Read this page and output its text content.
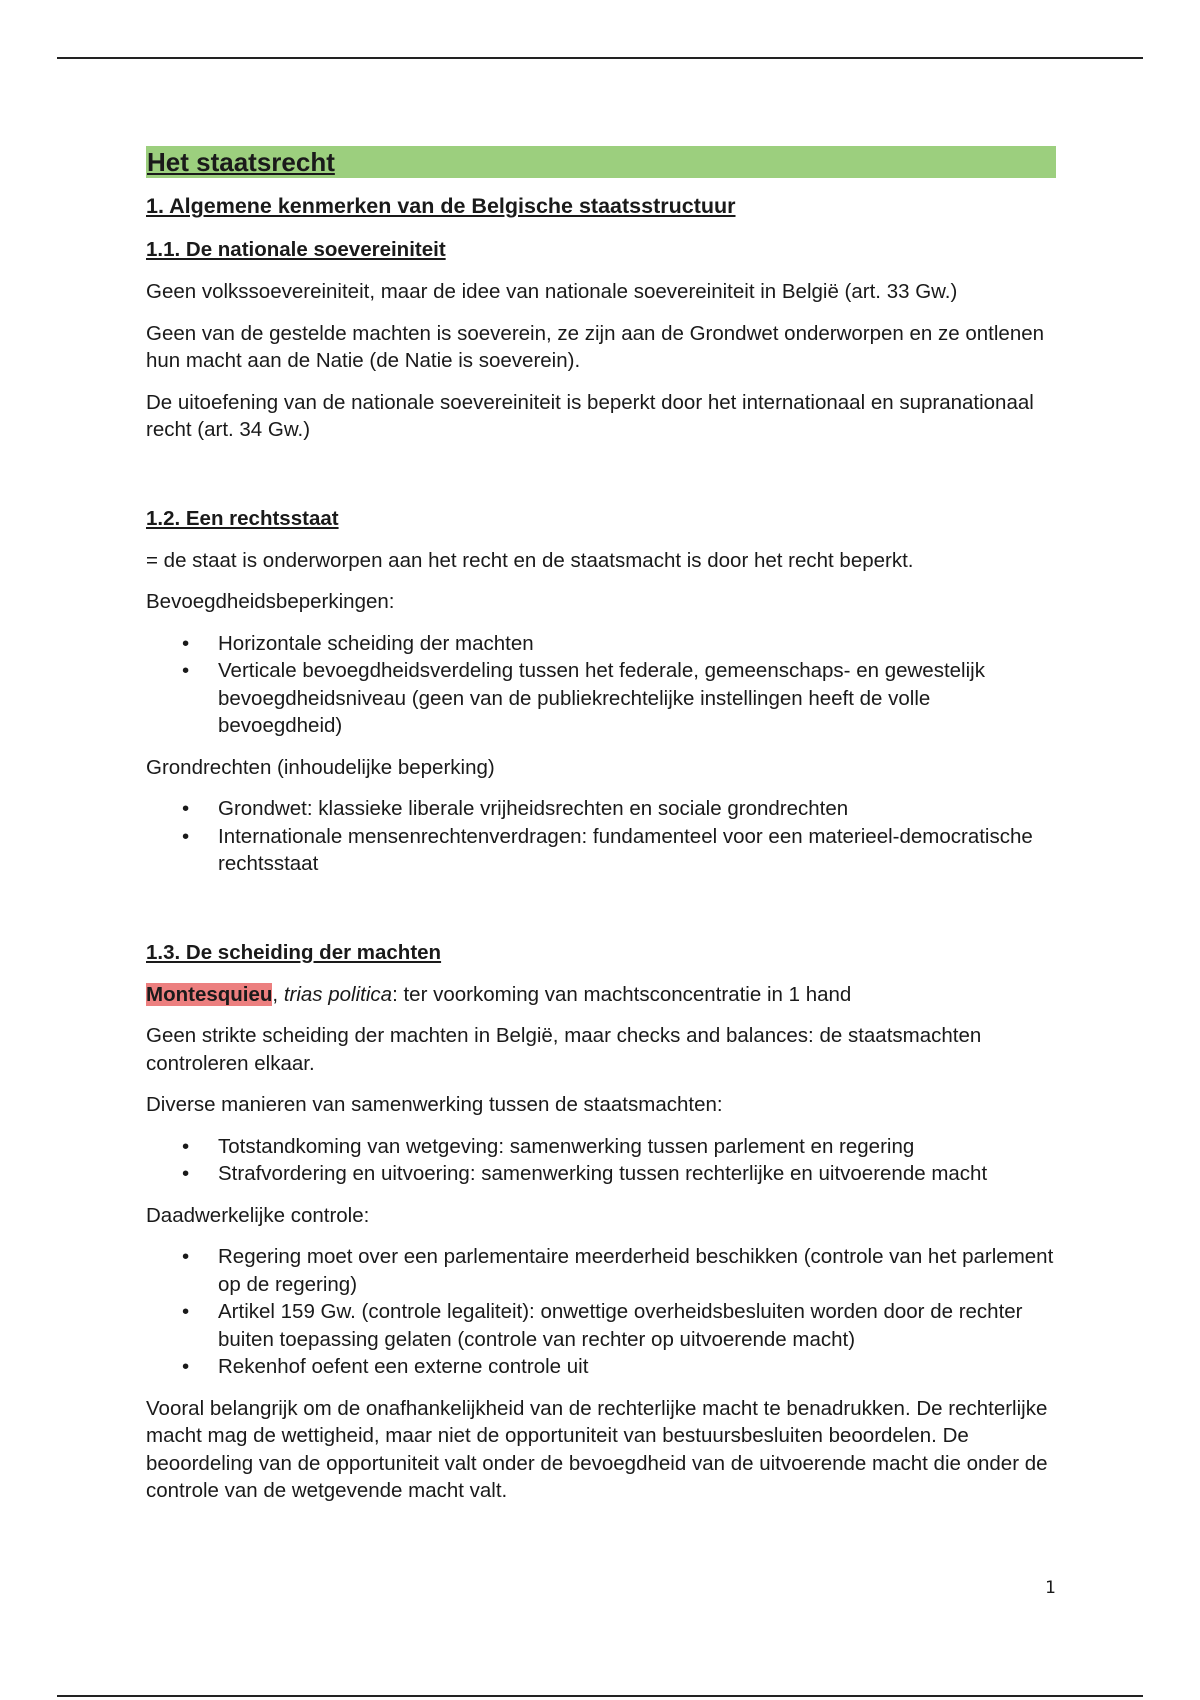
Het staatsrecht
1. Algemene kenmerken van de Belgische staatsstructuur
1.1. De nationale soevereiniteit

Geen volkssoevereiniteit, maar de idee van nationale soevereiniteit in België (art. 33 Gw.)

Geen van de gestelde machten is soeverein, ze zijn aan de Grondwet onderworpen en ze ontlenen hun macht aan de Natie (de Natie is soeverein).

De uitoefening van de nationale soevereiniteit is beperkt door het internationaal en supranationaal recht (art. 34 Gw.)

1.2. Een rechtsstaat

= de staat is onderworpen aan het recht en de staatsmacht is door het recht beperkt.

Bevoegdheidsbeperkingen:

• Horizontale scheiding der machten
• Verticale bevoegdheidsverdeling tussen het federale, gemeenschaps- en gewestelijk bevoegdheidsniveau (geen van de publiekrechtelijke instellingen heeft de volle bevoegdheid)

Grondrechten (inhoudelijke beperking)

• Grondwet: klassieke liberale vrijheidsrechten en sociale grondrechten
• Internationale mensenrechtenverdragen: fundamenteel voor een materieel-democratische rechtsstaat
1.3. De scheiding der machten

Montesquieu, trias politica: ter voorkoming van machtsconcentratie in 1 hand

Geen strikte scheiding der machten in België, maar checks and balances: de staatsmachten controleren elkaar.

Diverse manieren van samenwerking tussen de staatsmachten:

• Totstandkoming van wetgeving: samenwerking tussen parlement en regering
• Strafvordering en uitvoering: samenwerking tussen rechterlijke en uitvoerende macht

Daadwerkelijke controle:

• Regering moet over een parlementaire meerderheid beschikken (controle van het parlement op de regering)
• Artikel 159 Gw. (controle legaliteit): onwettige overheidsbesluiten worden door de rechter buiten toepassing gelaten (controle van rechter op uitvoerende macht)
• Rekenhof oefent een externe controle uit

Vooral belangrijk om de onafhankelijkheid van de rechterlijke macht te benadrukken. De rechterlijke macht mag de wettigheid, maar niet de opportuniteit van bestuursbesluiten beoordelen. De beoordeling van de opportuniteit valt onder de bevoegdheid van de uitvoerende macht die onder de controle van de wetgevende macht valt.

1
